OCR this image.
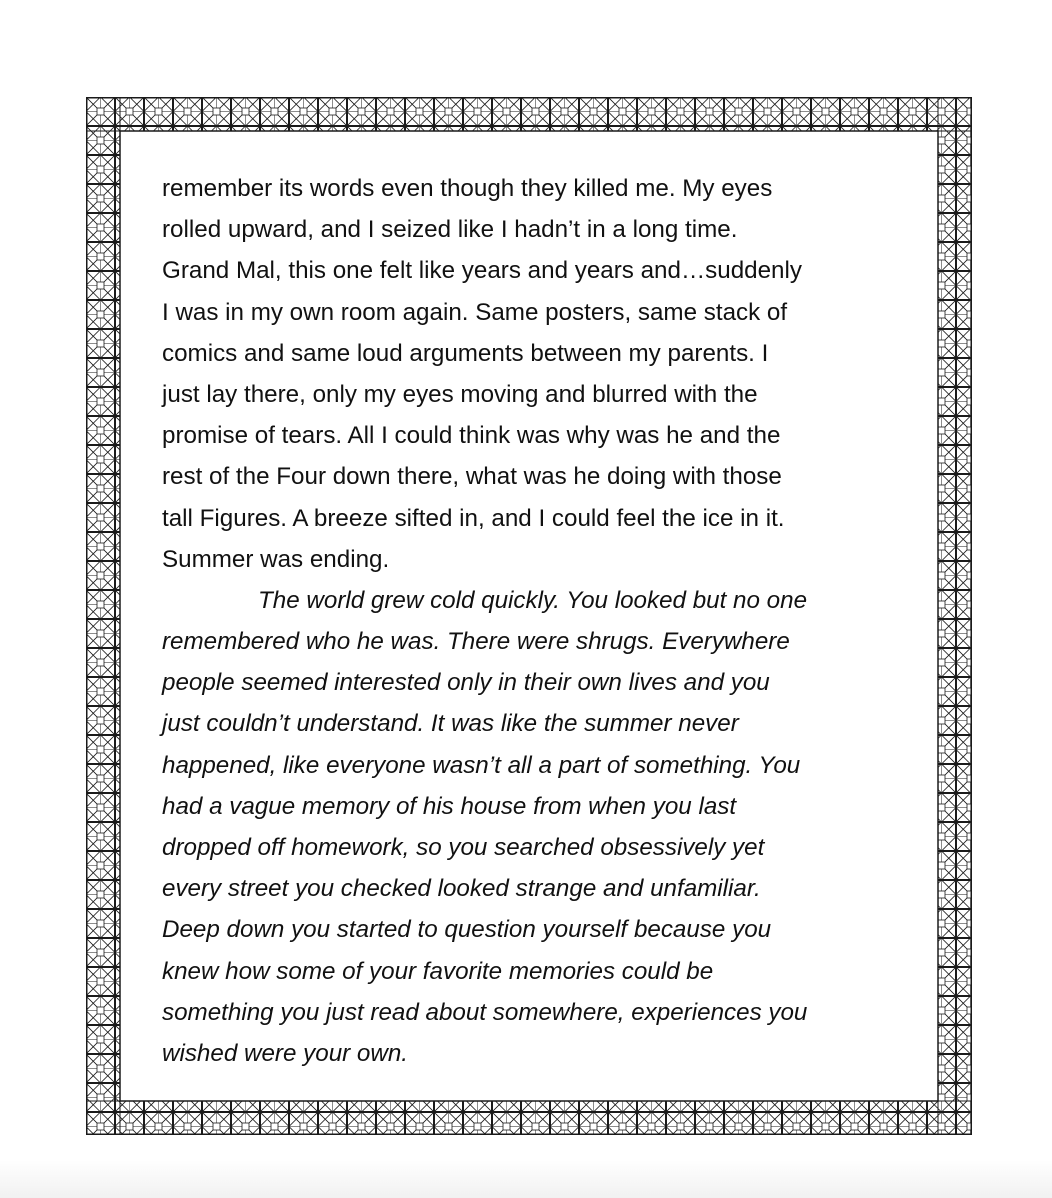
remember its words even though they killed me. My eyes
rolled upward, and I seized like I hadn’t in a long time.
Grand Mal, this one felt like years and years and…suddenly
I was in my own room again. Same posters, same stack of
comics and same loud arguments between my parents. I
just lay there, only my eyes moving and blurred with the
promise of tears. All I could think was why was he and the
rest of the Four down there, what was he doing with those
tall Figures. A breeze sifted in, and I could feel the ice in it.
Summer was ending.
The world grew cold quickly. You looked but no one
remembered who he was. There were shrugs. Everywhere
people seemed interested only in their own lives and you
just couldn’t understand. It was like the summer never
happened, like everyone wasn’t all a part of something. You
had a vague memory of his house from when you last
dropped off homework, so you searched obsessively yet
every street you checked looked strange and unfamiliar.
Deep down you started to question yourself because you
knew how some of your favorite memories could be
something you just read about somewhere, experiences you
wished were your own.
